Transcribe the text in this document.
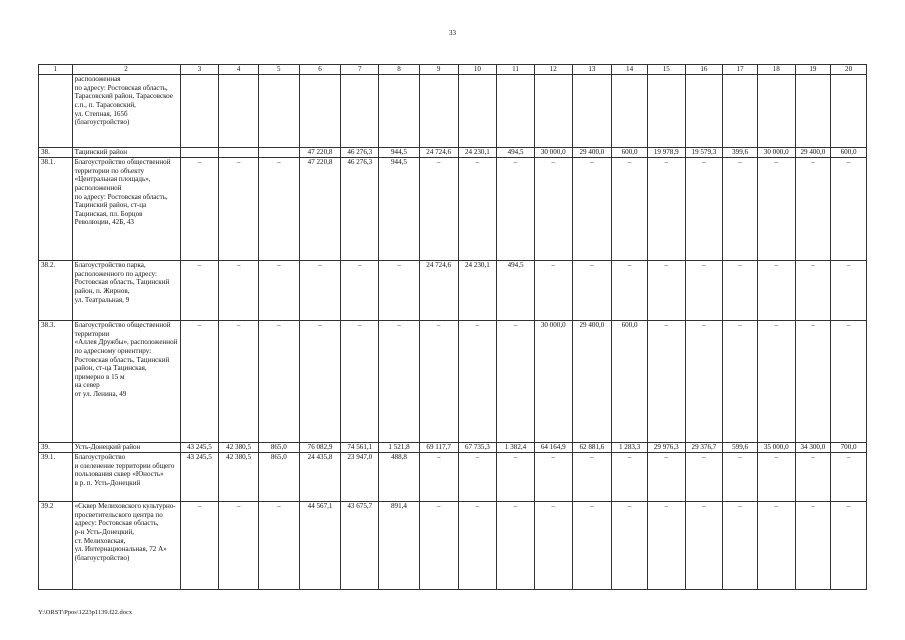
33
1	2	3	4	5	6	7	8	9	10	11	12	13	14	15	16	17	18	19	20
	расположенная
по адресу: Ростовская область, Тарасовский район, Тарасовское с.п., п. Тарасовский,
ул. Степная, 165б (благоустройство)																		
38.	Тацинский район				47 220,8	46 276,3	944,5	24 724,6	24 230,1	494,5	30 000,0	29 400,0	600,0	19 978,9	19 579,3	399,6	30 000,0	29 400,0	600,0
38.1.	Благоустройство общественной территории по объекту «Центральная площадь», расположенной
по адресу: Ростовская область, Тацинский район, ст-ца Тацинская, пл. Борцов Революции, 42Б, 43	–	–	–	47 220,8	46 276,3	944,5	–	–	–	–	–	–	–	–	–	–	–	–
38.2.	Благоустройство парка, расположенного по адресу: Ростовская область, Тацинский район, п. Жирнов,
ул. Театральная, 9	–	–	–	–	–	–	24 724,6	24 230,1	494,5	–	–	–	–	–	–	–	–	–
38.3.	Благоустройство общественной территории
«Аллея Дружбы», расположенной
по адресному ориентиру: Ростовская область, Тацинский район, ст-ца Тацинская, примерно в 15 м
на север
от ул. Ленина, 49	–	–	–	–	–	–	–	–	–	30 000,0	29 400,0	600,0	–	–	–	–	–	–
39.	Усть-Донецкий район	43 245,5	42 380,5	865,0	76 082,9	74 561,1	1 521,8	69 117,7	67 735,3	1 382,4	64 164,9	62 881,6	1 283,3	29 976,3	29 376,7	599,6	35 000,0	34 300,0	700,0
39.1.	Благоустройство
и озеленение территории общего пользования сквер «Юность»
в р. п. Усть-Донецкий	43 245,5	42 380,5	865,0	24 435,8	23 947,0	488,8	–	–	–	–	–	–	–	–	–	–	–	–
39.2	«Сквер Мелиховского культурно-просветительского центра по адресу: Ростовская область,
р-н Усть-Донецкий,
ст. Мелиховская,
ул. Интернациональная, 72 А» (благоустройство)	–	–	–	44 567,1	43 675,7	891,4	–	–	–	–	–	–	–	–	–	–	–	–
Y:\ORST\Ppos\1223p1139.f22.docx
